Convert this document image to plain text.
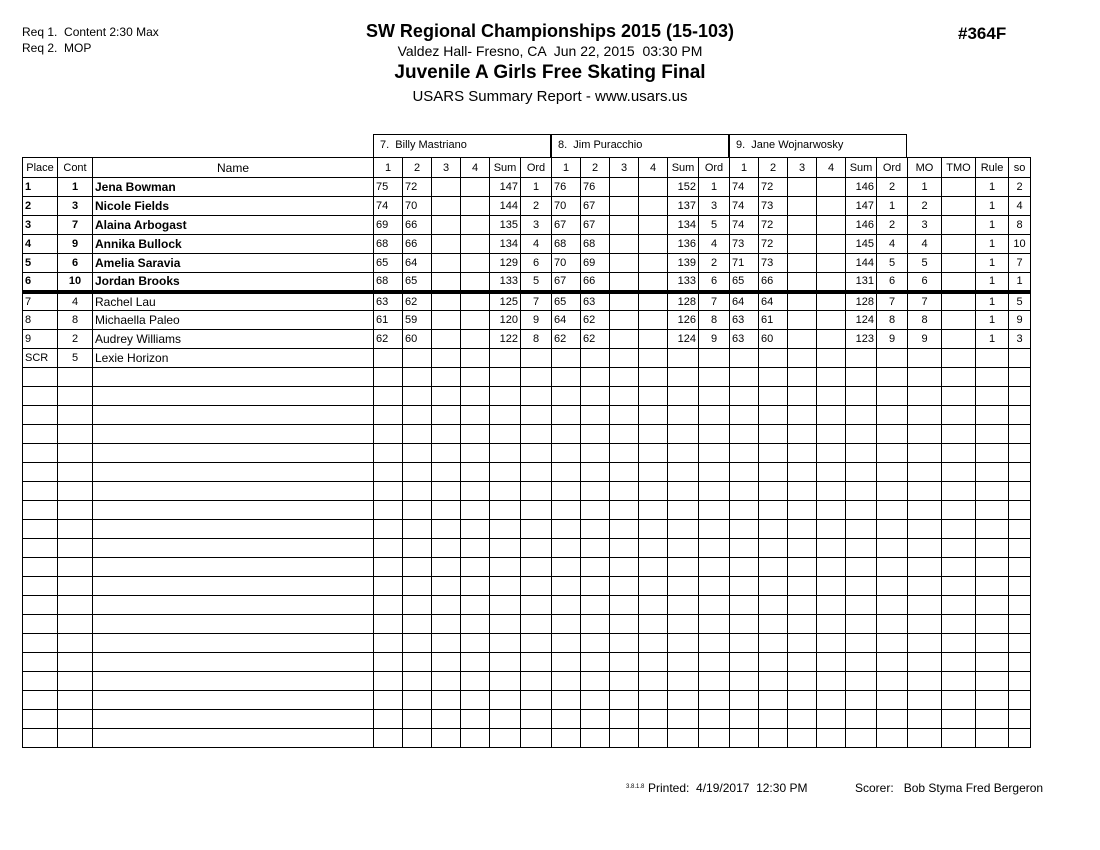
Req 1.  Content 2:30 Max
Req 2.  MOP
SW Regional Championships 2015 (15-103)
Valdez Hall- Fresno, CA  Jun 22, 2015  03:30 PM
Juvenile A Girls Free Skating Final
USARS Summary Report - www.usars.us
#364F
7.  Billy Mastriano	8.  Jim Puracchio	9.  Jane Wojnarwosky
Place	Cont	Name	1	2	3	4	Sum	Ord	1	2	3	4	Sum	Ord	1	2	3	4	Sum	Ord	MO	TMO	Rule	so
1	1	Jena Bowman	75	72			147	1	76	76			152	1	74	72			146	2	1		1	2
2	3	Nicole Fields	74	70			144	2	70	67			137	3	74	73			147	1	2		1	4
3	7	Alaina Arbogast	69	66			135	3	67	67			134	5	74	72			146	2	3		1	8
4	9	Annika Bullock	68	66			134	4	68	68			136	4	73	72			145	4	4		1	10
5	6	Amelia Saravia	65	64			129	6	70	69			139	2	71	73			144	5	5		1	7
6	10	Jordan Brooks	68	65			133	5	67	66			133	6	65	66			131	6	6		1	1
7	4	Rachel Lau	63	62			125	7	65	63			128	7	64	64			128	7	7		1	5
8	8	Michaella Paleo	61	59			120	9	64	62			126	8	63	61			124	8	8		1	9
9	2	Audrey Williams	62	60			122	8	62	62			124	9	63	60			123	9	9		1	3
SCR	5	Lexie Horizon																						

3.8.1.8 Printed: 4/19/2017  12:30 PM	Scorer: Bob Styma Fred Bergeron
